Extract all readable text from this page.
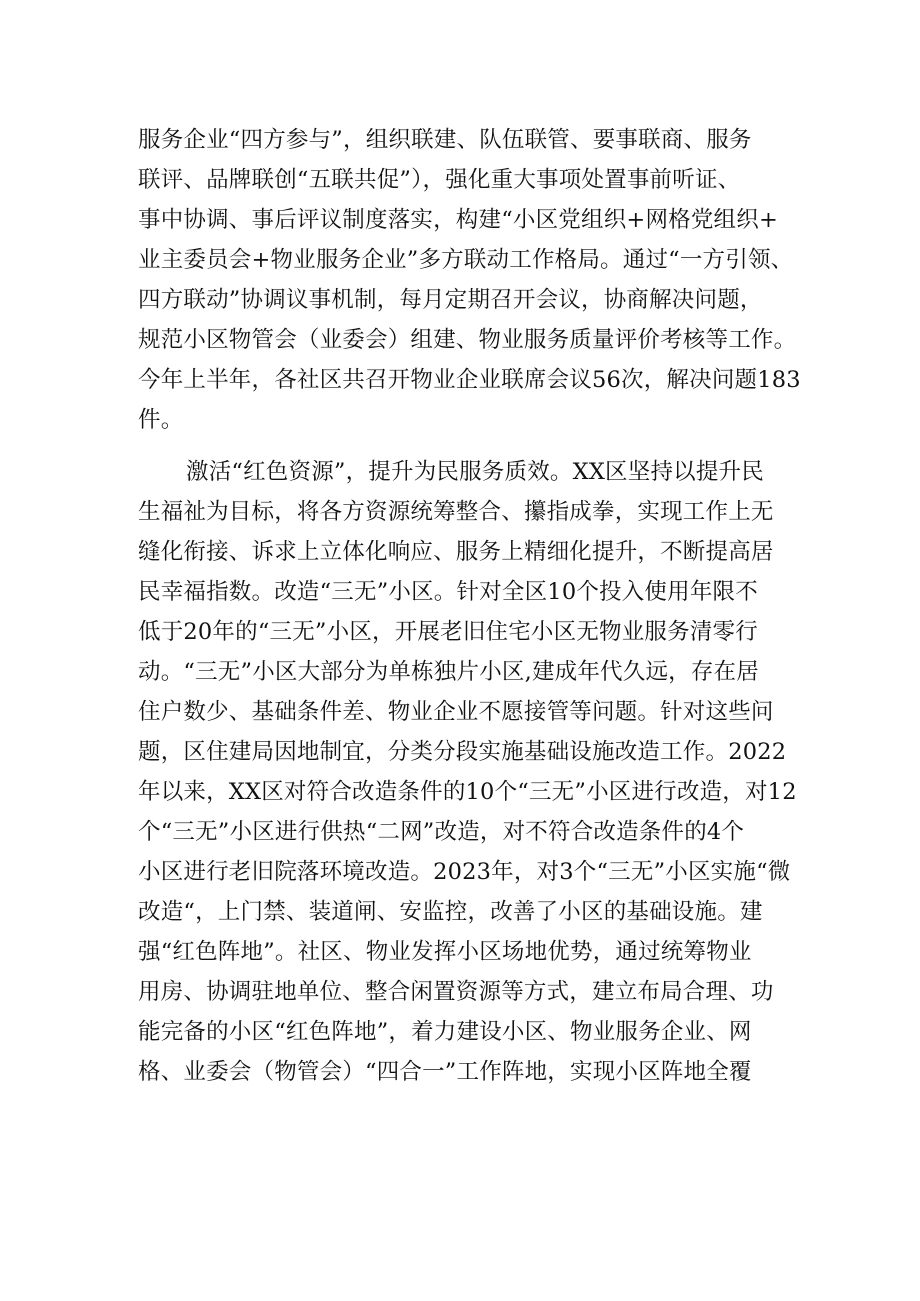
服务企业“四方参与”，组织联建、队伍联管、要事联商、服务
联评、品牌联创“五联共促”），强化重大事项处置事前听证、
事中协调、事后评议制度落实，构建“小区党组织+网格党组织+
业主委员会+物业服务企业”多方联动工作格局。通过“一方引领、
四方联动”协调议事机制，每月定期召开会议，协商解决问题，
规范小区物管会（业委会）组建、物业服务质量评价考核等工作。
今年上半年，各社区共召开物业企业联席会议56次，解决问题183
件。
激活“红色资源”，提升为民服务质效。XX区坚持以提升民
生福祉为目标，将各方资源统筹整合、攥指成拳，实现工作上无
缝化衔接、诉求上立体化响应、服务上精细化提升，不断提高居
民幸福指数。改造“三无”小区。针对全区10个投入使用年限不
低于20年的“三无”小区，开展老旧住宅小区无物业服务清零行
动。“三无”小区大部分为单栋独片小区,建成年代久远，存在居
住户数少、基础条件差、物业企业不愿接管等问题。针对这些问
题，区住建局因地制宜，分类分段实施基础设施改造工作。2022
年以来，XX区对符合改造条件的10个“三无”小区进行改造，对12
个“三无”小区进行供热“二网”改造，对不符合改造条件的4个
小区进行老旧院落环境改造。2023年，对3个“三无”小区实施“微
改造“，上门禁、装道闸、安监控，改善了小区的基础设施。建
强“红色阵地”。社区、物业发挥小区场地优势，通过统筹物业
用房、协调驻地单位、整合闲置资源等方式，建立布局合理、功
能完备的小区“红色阵地”，着力建设小区、物业服务企业、网
格、业委会（物管会）“四合一”工作阵地，实现小区阵地全覆
